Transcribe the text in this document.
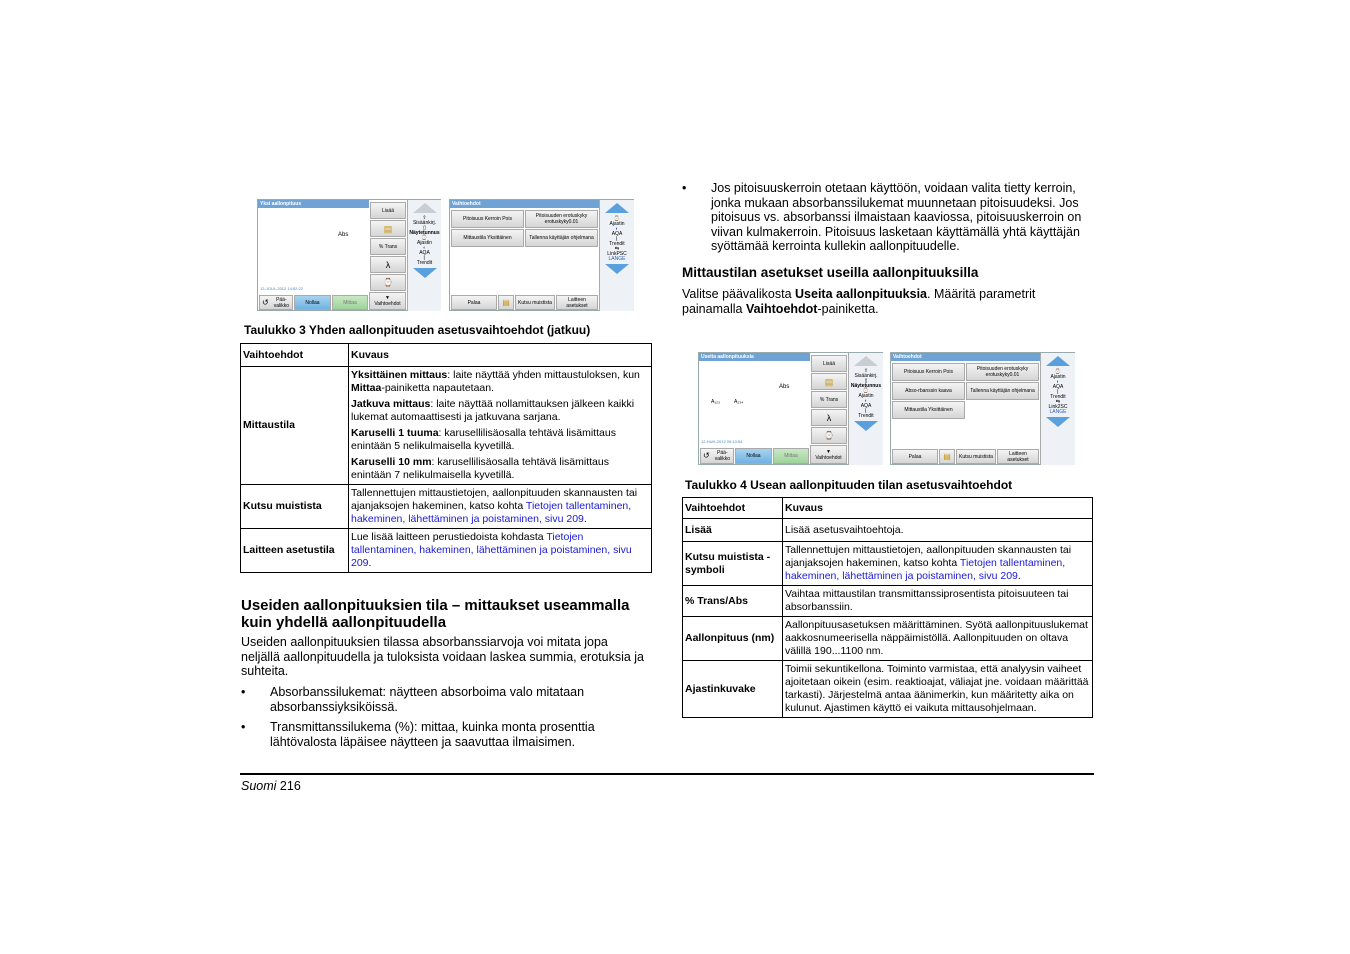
Yksi aallonpituus
Abs
12-JOUL-2012 14:52:22
Lisää
▤
% Trans
λ
⌚
↺	Pää-valikko	Nollaa	Mittaa
▼
Vaihtoehdot
⇧
Sisäänkirj.
▯
Näytetunnus
⌚
Ajastin
◐
AQA
⌊
Trendit
Vaihtoehdot
Pitoisuus Kerroin Pois	Pitoisuuden erotuskyky erotuskyky0.01
Mittaustila Yksittäinen	Tallenna käyttäjän ohjelmana
Palaa	▤	Kutsu muistista	Laitteen asetukset
⌚
Ajastin
◐
AQA
⌊
Trendit
⇆
LinkPSC
LANGE
Taulukko 3 Yhden aallonpituuden asetusvaihtoehdot (jatkuu)
Vaihtoehdot	Kuvaus
Mittaustila	Yksittäinen mittaus: laite näyttää yhden mittaustuloksen, kun Mittaa-painiketta napautetaan.
Jatkuva mittaus: laite näyttää nollamittauksen jälkeen kaikki lukemat automaattisesti ja jatkuvana sarjana.
Karuselli 1 tuuma: karusellilisäosalla tehtävä lisämittaus enintään 5 nelikulmaisella kyvetillä.
Karuselli 10 mm: karusellilisäosalla tehtävä lisämittaus enintään 7 nelikulmaisella kyvetillä.

Kutsu muistista	Tallennettujen mittaustietojen, aallonpituuden skannausten tai ajanjaksojen hakeminen, katso kohta Tietojen tallentaminen, hakeminen, lähettäminen ja poistaminen, sivu 209.
Laitteen asetustila	Lue lisää laitteen perustiedoista kohdasta Tietojen tallentaminen, hakeminen, lähettäminen ja poistaminen, sivu 209.
Useiden aallonpituuksien tila – mittaukset useammalla kuin yhdellä aallonpituudella
Useiden aallonpituuksien tilassa absorbanssiarvoja voi mitata jopa neljällä aallonpituudella ja tuloksista voidaan laskea summia, erotuksia ja suhteita.
• Absorbanssilukemat: näytteen absorboima valo mitataan absorbanssiyksiköissä.
• Transmittanssilukema (%): mittaa, kuinka monta prosenttia lähtövalosta läpäisee näytteen ja saavuttaa ilmaisimen.
• Jos pitoisuuskerroin otetaan käyttöön, voidaan valita tietty kerroin, jonka mukaan absorbanssilukemat muunnetaan pitoisuudeksi. Jos pitoisuus vs. absorbanssi ilmaistaan kaaviossa, pitoisuuskerroin on viivan kulmakerroin. Pitoisuus lasketaan käyttämällä yhtä käyttäjän syöttämää kerrointa kullekin aallonpituudelle.
Mittaustilan asetukset useilla aallonpituuksilla
Valitse päävalikosta Useita aallonpituuksia. Määritä parametrit painamalla Vaihtoehdot-painiketta.
Useita aallonpituuksia
Abs
A₁₂₃	A₂₃₄
12-HUH-2012 09:10:54
Lisää
▤
% Trans
λ
⌚
↺	Pää-valikko	Nollaa	Mittaa
▼
Vaihtoehdot
⇧
Sisäänkirj.
▯
Näytetunnus
⌚
Ajastin
◐
AQA
⌊
Trendit
Vaihtoehdot
Pitoisuus Kerroin Pois	Pitoisuuden erotuskyky erotuskyky0.01
Abso-rbanssin kaava	Tallenna käyttäjän ohjelmana
Mittaustila Yksittäinen
Palaa	▤	Kutsu muistista	Laitteen asetukset
⌚
Ajastin
◐
AQA
⌊
Trendit
⇆
Link2SC
LANGE
Taulukko 4 Usean aallonpituuden tilan asetusvaihtoehdot
Vaihtoehdot	Kuvaus
Lisää	Lisää asetusvaihtoehtoja.
Kutsu muistista - symboli	Tallennettujen mittaustietojen, aallonpituuden skannausten tai ajanjaksojen hakeminen, katso kohta Tietojen tallentaminen, hakeminen, lähettäminen ja poistaminen, sivu 209.
% Trans/Abs	Vaihtaa mittaustilan transmittanssiprosentista pitoisuuteen tai absorbanssiin.
Aallonpituus (nm)	Aallonpituusasetuksen määrittäminen. Syötä aallonpituuslukemat aakkosnumeerisella näppäimistöllä. Aallonpituuden on oltava välillä 190...1100 nm.
Ajastinkuvake	Toimii sekuntikellona. Toiminto varmistaa, että analyysin vaiheet ajoitetaan oikein (esim. reaktioajat, väliajat jne. voidaan määrittää tarkasti). Järjestelmä antaa äänimerkin, kun määritetty aika on kulunut. Ajastimen käyttö ei vaikuta mittausohjelmaan.
Suomi 216
